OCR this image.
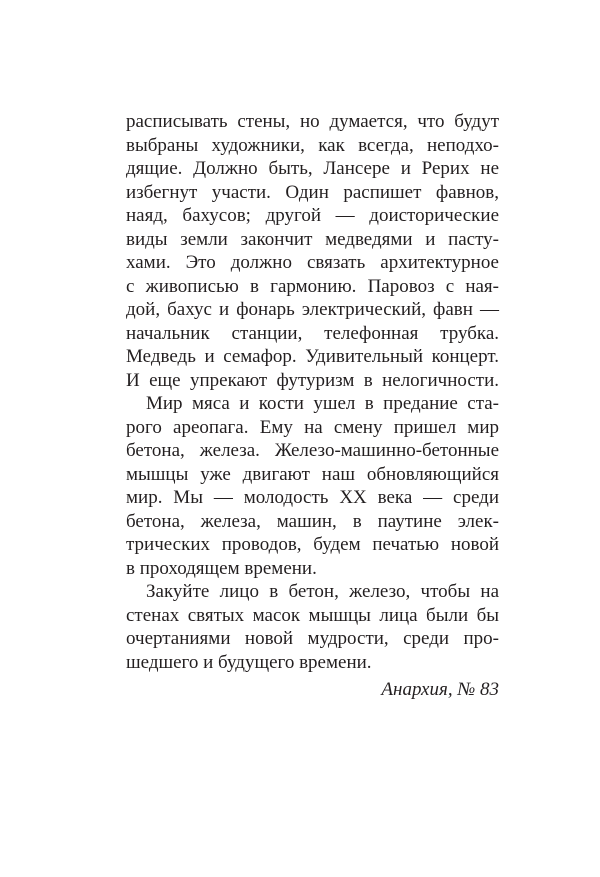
расписывать стены, но думается, что будут
выбраны художники, как всегда, неподхо-
дящие. Должно быть, Лансере и Рерих не
избегнут участи. Один распишет фавнов,
наяд, бахусов; другой — доисторические
виды земли закончит медведями и пасту-
хами. Это должно связать архитектурное
с живописью в гармонию. Паровоз с ная-
дой, бахус и фонарь электрический, фавн —
начальник станции, телефонная трубка.
Медведь и семафор. Удивительный концерт.
И еще упрекают футуризм в нелогичности.
Мир мяса и кости ушел в предание ста-
рого ареопага. Ему на смену пришел мир
бетона, железа. Железо-машинно-бетонные
мышцы уже двигают наш обновляющийся
мир. Мы — молодость XX века — среди
бетона, железа, машин, в паутине элек-
трических проводов, будем печатью новой
в проходящем времени.
Закуйте лицо в бетон, железо, чтобы на
стенах святых масок мышцы лица были бы
очертаниями новой мудрости, среди про-
шедшего и будущего времени.
Анархия, № 83
